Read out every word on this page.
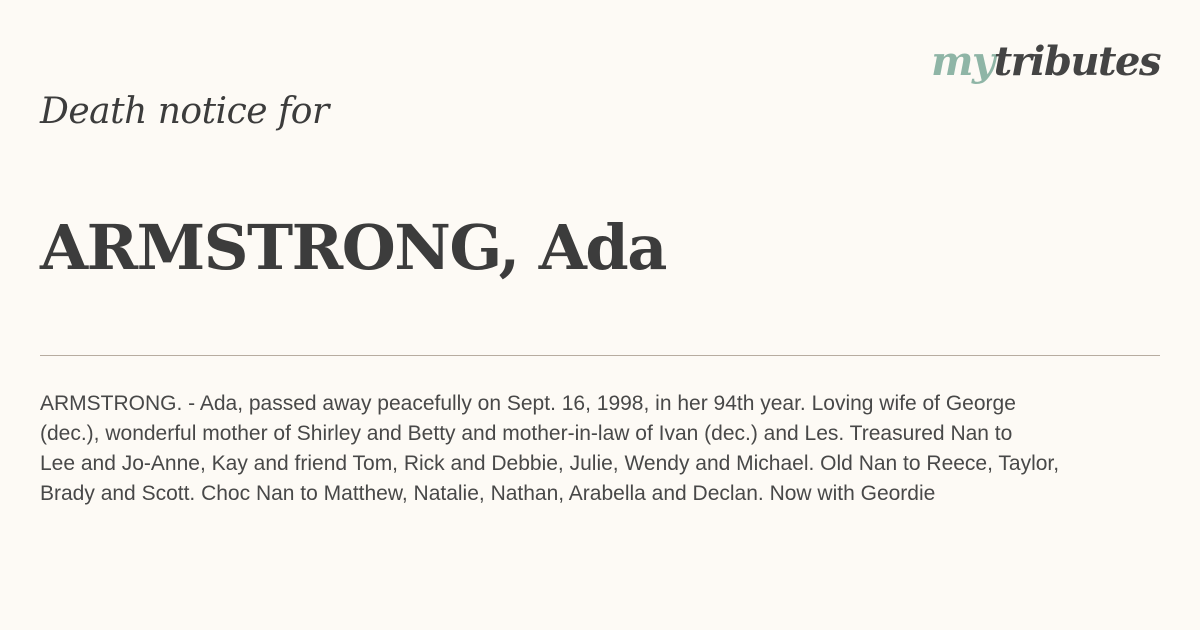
mytributes
Death notice for
ARMSTRONG, Ada

ARMSTRONG. - Ada, passed away peacefully on Sept. 16, 1998, in her 94th year. Loving wife of George
(dec.), wonderful mother of Shirley and Betty and mother-in-law of Ivan (dec.) and Les. Treasured Nan to
Lee and Jo-Anne, Kay and friend Tom, Rick and Debbie, Julie, Wendy and Michael. Old Nan to Reece, Taylor,
Brady and Scott. Choc Nan to Matthew, Natalie, Nathan, Arabella and Declan. Now with Geordie
